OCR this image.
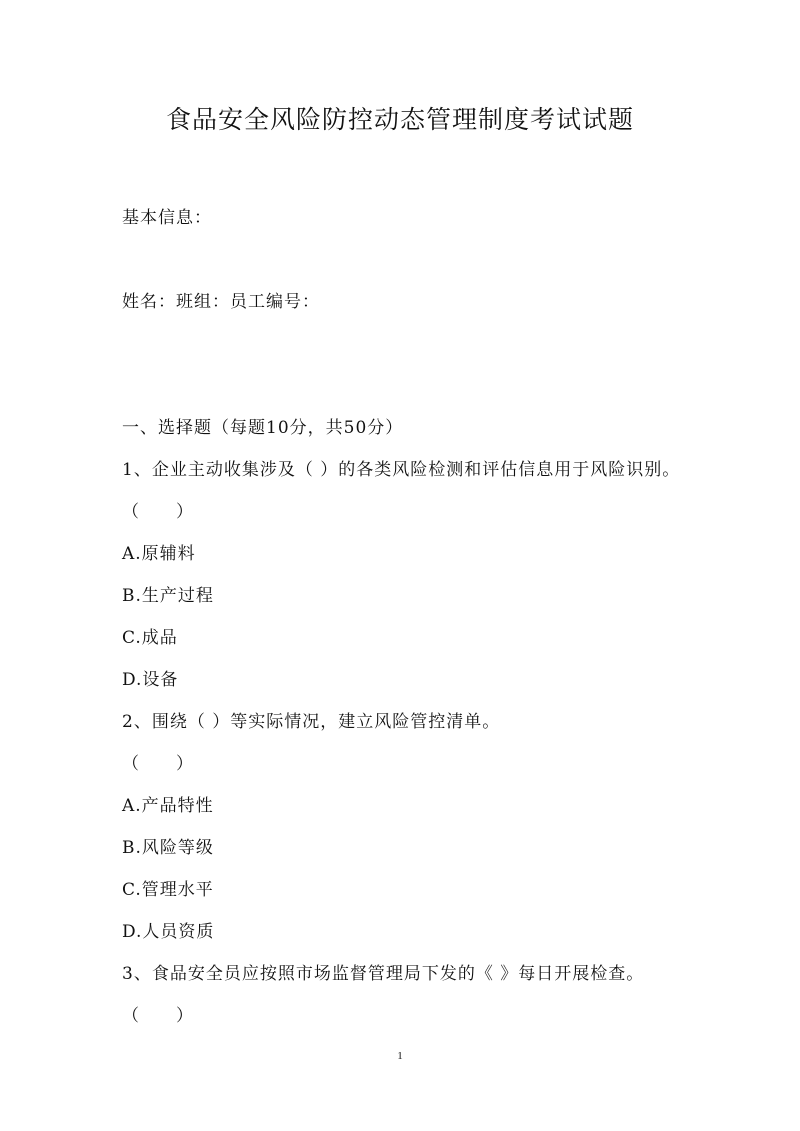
食品安全风险防控动态管理制度考试试题
基本信息：
姓名：班组：员工编号：
一、选择题（每题10分，共50分）
1、企业主动收集涉及（ ）的各类风险检测和评估信息用于风险识别。
（　　）
A.原辅料
B.生产过程
C.成品
D.设备
2、围绕（ ）等实际情况，建立风险管控清单。
（　　）
A.产品特性
B.风险等级
C.管理水平
D.人员资质
3、食品安全员应按照市场监督管理局下发的《 》每日开展检查。
（　　）
1
